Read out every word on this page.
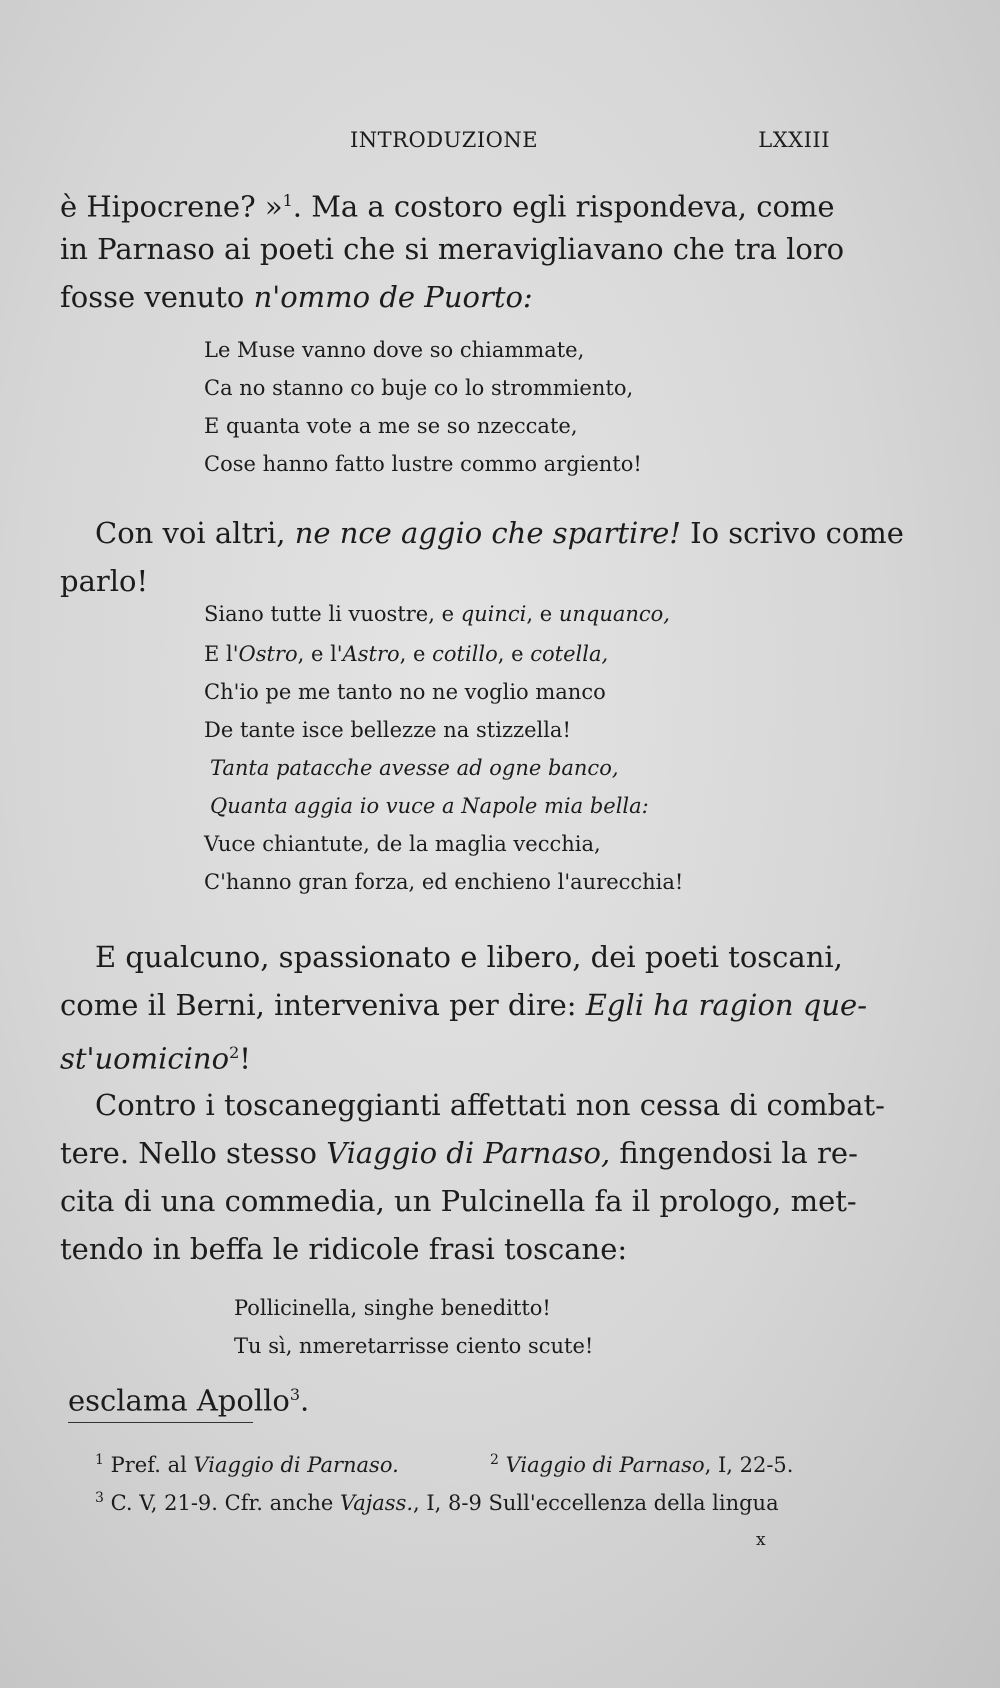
INTRODUZIONE	LXXIII
è Hipocrene? »$^1$. Ma a costoro egli rispondeva, come
in Parnaso ai poeti che si meravigliavano che tra loro
fosse venuto n'ommo de Puorto:
Le Muse vanno dove so chiammate,
Ca no stanno co buje co lo strommiento,
E quanta vote a me se so nzeccate,
Cose hanno fatto lustre commo argiento!
Con voi altri, ne nce aggio che spartire! Io scrivo come
parlo!
Siano tutte li vuostre, e quinci, e unquanco,
E l'Ostro, e l'Astro, e cotillo, e cotella,
Ch'io pe me tanto no ne voglio manco
De tante isce bellezze na stizzella!
Tanta patacche avesse ad ogne banco,
Quanta aggia io vuce a Napole mia bella:
Vuce chiantute, de la maglia vecchia,
C'hanno gran forza, ed enchieno l'aurecchia!
E qualcuno, spassionato e libero, dei poeti toscani,
come il Berni, interveniva per dire: Egli ha ragion que-
st'uomicino$^2$!
Contro i toscaneggianti affettati non cessa di combat-
tere. Nello stesso Viaggio di Parnaso, fingendosi la re-
cita di una commedia, un Pulcinella fa il prologo, met-
tendo in beffa le ridicole frasi toscane:
Pollicinella, singhe beneditto!
Tu sì, nmeretarrisse ciento scute!
esclama Apollo$^3$.
$^1$ Pref. al Viaggio di Parnaso.	$^2$ Viaggio di Parnaso, I, 22-5.
$^3$ C. V, 21-9. Cfr. anche Vajass., I, 8-9 Sull'eccellenza della lingua
x
